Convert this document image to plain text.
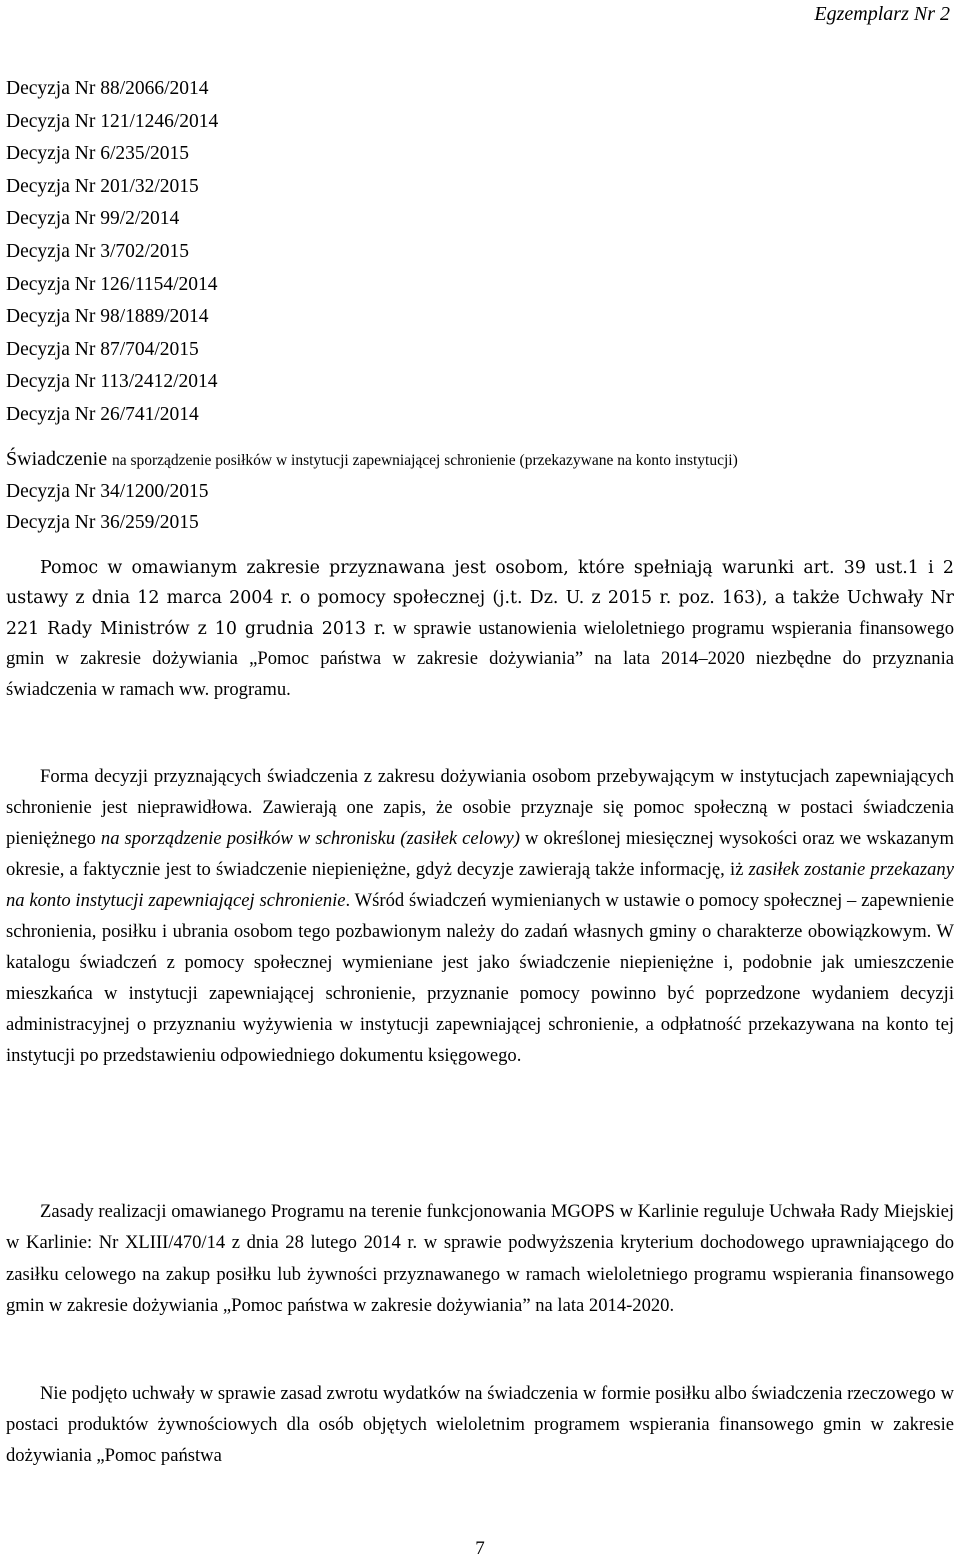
Egzemplarz Nr 2
Decyzja Nr 88/2066/2014
Decyzja Nr 121/1246/2014
Decyzja Nr 6/235/2015
Decyzja Nr 201/32/2015
Decyzja Nr 99/2/2014
Decyzja Nr 3/702/2015
Decyzja Nr 126/1154/2014
Decyzja Nr 98/1889/2014
Decyzja Nr 87/704/2015
Decyzja Nr 113/2412/2014
Decyzja Nr 26/741/2014
Świadczenie na sporządzenie posiłków w instytucji zapewniającej schronienie (przekazywane na konto instytucji)
Decyzja Nr 34/1200/2015
Decyzja Nr 36/259/2015

Pomoc w omawianym zakresie przyznawana jest osobom, które spełniają warunki art. 39 ust.1 i 2 ustawy z dnia 12 marca 2004 r. o pomocy społecznej (j.t. Dz. U. z 2015 r. poz. 163), a także Uchwały Nr 221 Rady Ministrów z 10 grudnia 2013 r. w sprawie ustanowienia wieloletniego programu wspierania finansowego gmin w zakresie dożywiania „Pomoc państwa w zakresie dożywiania” na lata 2014–2020 niezbędne do przyznania świadczenia w ramach ww. programu.

Forma decyzji przyznających świadczenia z zakresu dożywiania osobom przebywającym w instytucjach zapewniających schronienie jest nieprawidłowa. Zawierają one zapis, że osobie przyznaje się pomoc społeczną w postaci świadczenia pieniężnego na sporządzenie posiłków w schronisku (zasiłek celowy) w określonej miesięcznej wysokości oraz we wskazanym okresie, a faktycznie jest to świadczenie niepieniężne, gdyż decyzje zawierają także informację, iż zasiłek zostanie przekazany na konto instytucji zapewniającej schronienie. Wśród świadczeń wymienianych w ustawie o pomocy społecznej – zapewnienie schronienia, posiłku i ubrania osobom tego pozbawionym należy do zadań własnych gminy o charakterze obowiązkowym. W katalogu świadczeń z pomocy społecznej wymieniane jest jako świadczenie niepieniężne i, podobnie jak umieszczenie mieszkańca w instytucji zapewniającej schronienie, przyznanie pomocy powinno być poprzedzone wydaniem decyzji administracyjnej o przyznaniu wyżywienia w instytucji zapewniającej schronienie, a odpłatność przekazywana na konto tej instytucji po przedstawieniu odpowiedniego dokumentu księgowego.

Zasady realizacji omawianego Programu na terenie funkcjonowania MGOPS w Karlinie reguluje Uchwała Rady Miejskiej w Karlinie: Nr XLIII/470/14 z dnia 28 lutego 2014 r. w sprawie podwyższenia kryterium dochodowego uprawniającego do zasiłku celowego na zakup posiłku lub żywności przyznawanego w ramach wieloletniego programu wspierania finansowego gmin w zakresie dożywiania „Pomoc państwa w zakresie dożywiania” na lata 2014-2020.

Nie podjęto uchwały w sprawie zasad zwrotu wydatków na świadczenia w formie posiłku albo świadczenia rzeczowego w postaci produktów żywnościowych dla osób objętych wieloletnim programem wspierania finansowego gmin w zakresie dożywiania „Pomoc państwa

7
